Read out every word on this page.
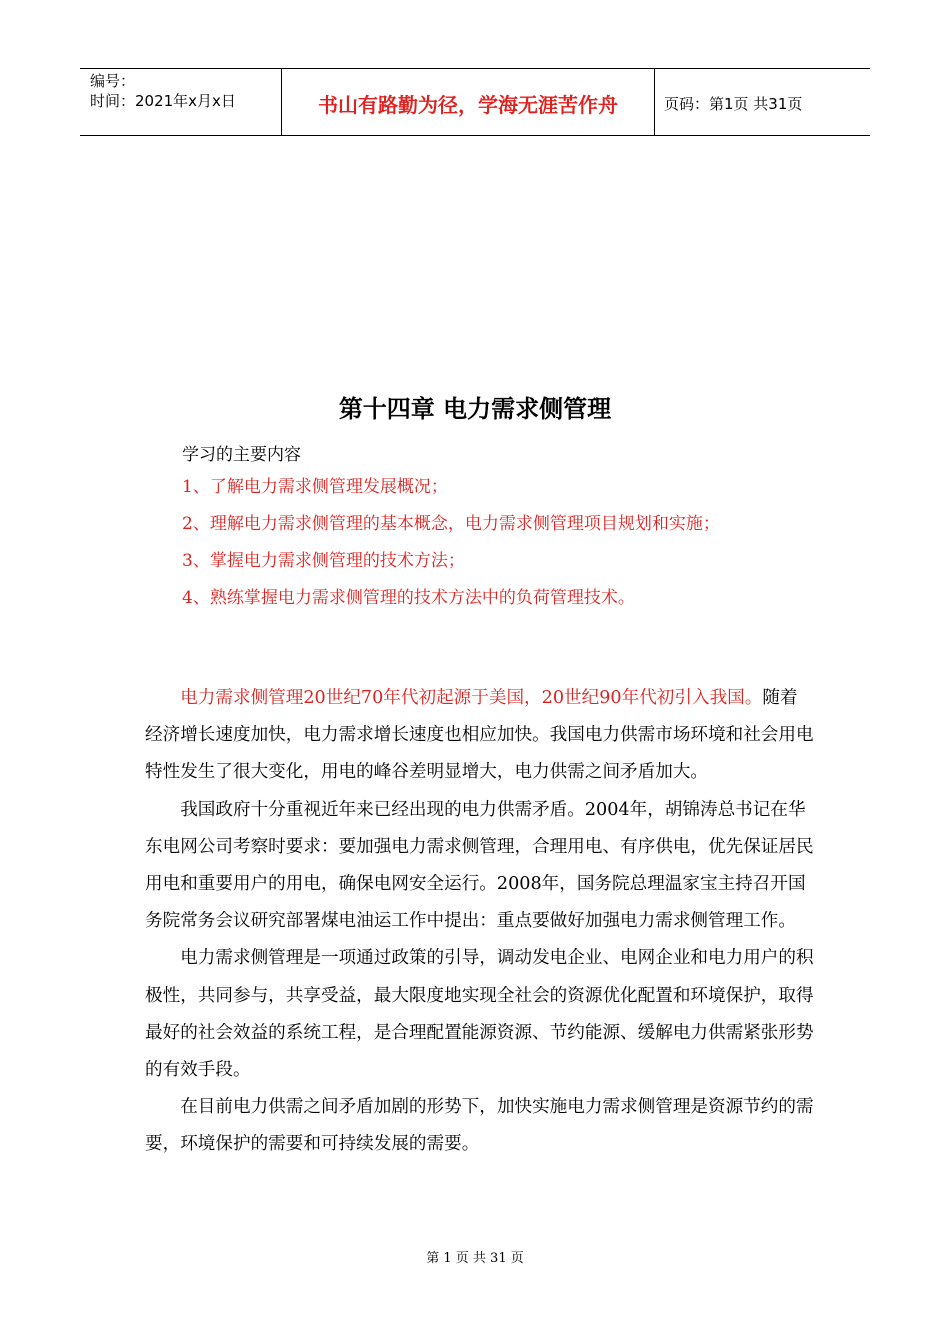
编号：
时间：2021年x月x日	书山有路勤为径，学海无涯苦作舟	页码：第1页 共31页
第十四章 电力需求侧管理
学习的主要内容
1、了解电力需求侧管理发展概况；
2、理解电力需求侧管理的基本概念，电力需求侧管理项目规划和实施；
3、掌握电力需求侧管理的技术方法；
4、熟练掌握电力需求侧管理的技术方法中的负荷管理技术。

电力需求侧管理20世纪70年代初起源于美国，20世纪90年代初引入我国。随着经济增长速度加快，电力需求增长速度也相应加快。我国电力供需市场环境和社会用电特性发生了很大变化，用电的峰谷差明显增大，电力供需之间矛盾加大。

我国政府十分重视近年来已经出现的电力供需矛盾。2004年，胡锦涛总书记在华东电网公司考察时要求：要加强电力需求侧管理，合理用电、有序供电，优先保证居民用电和重要用户的用电，确保电网安全运行。2008年，国务院总理温家宝主持召开国务院常务会议研究部署煤电油运工作中提出：重点要做好加强电力需求侧管理工作。

电力需求侧管理是一项通过政策的引导，调动发电企业、电网企业和电力用户的积极性，共同参与，共享受益，最大限度地实现全社会的资源优化配置和环境保护，取得最好的社会效益的系统工程，是合理配置能源资源、节约能源、缓解电力供需紧张形势的有效手段。

在目前电力供需之间矛盾加剧的形势下，加快实施电力需求侧管理是资源节约的需要，环境保护的需要和可持续发展的需要。

第 1 页 共 31 页
